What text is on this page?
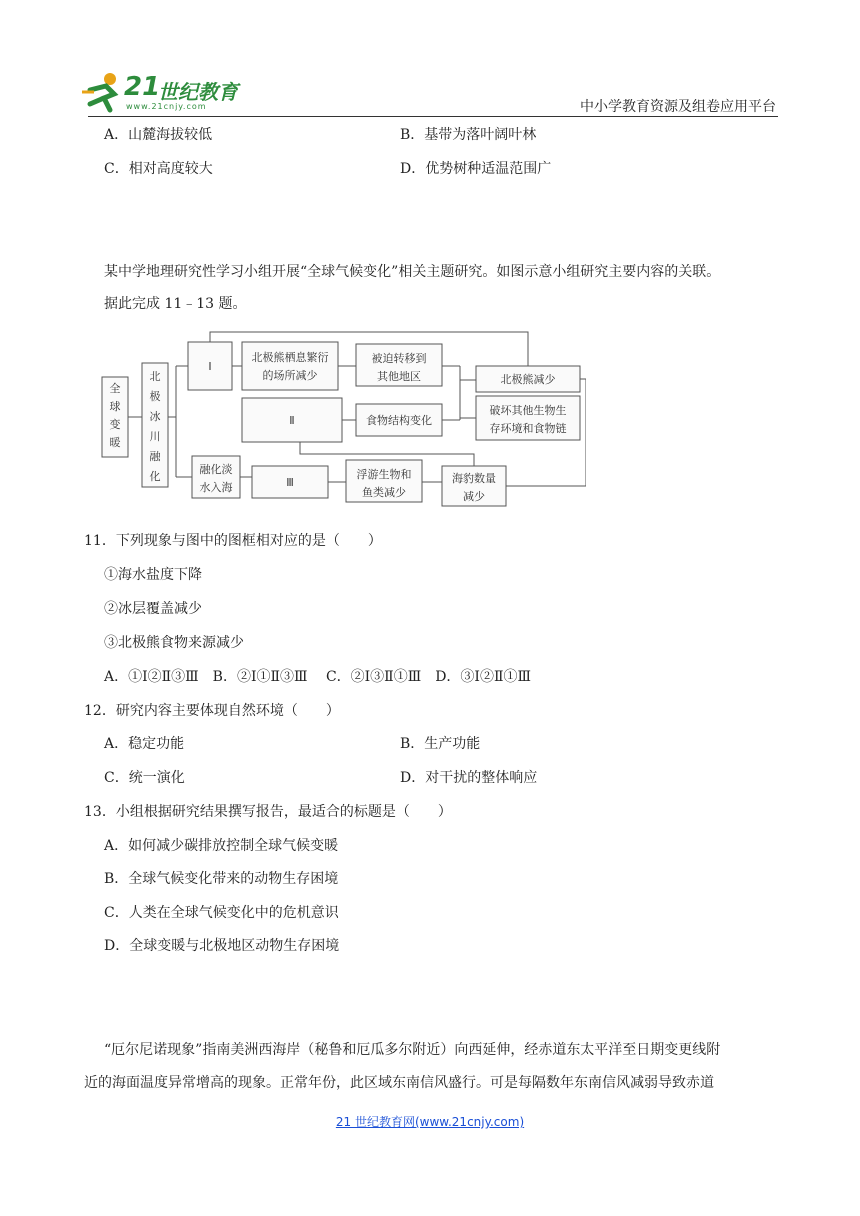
21
世纪教育
www.21cnjy.com	中小学教育资源及组卷应用平台
A．山麓海拔较低	B．基带为落叶阔叶林
C．相对高度较大	D．优势树种适温范围广
某中学地理研究性学习小组开展“全球气候变化”相关主题研究。如图示意小组研究主要内容的关联。
据此完成 11﹣13 题。
全
球
变
暖
北
极
冰
川
融
化
Ⅰ
北极熊栖息繁衍
的场所减少
被迫转移到
其他地区	北极熊减少
Ⅱ	食物结构变化
破坏其他生物生
存环境和食物链
融化淡
水入海	Ⅲ
浮游生物和
鱼类减少
海豹数量
减少
11．下列现象与图中的图框相对应的是（　　）
①海水盐度下降
②冰层覆盖减少
③北极熊食物来源减少
A．①Ⅰ②Ⅱ③Ⅲ　B．②Ⅰ①Ⅱ③Ⅲ　 C．②Ⅰ③Ⅱ①Ⅲ　D．③Ⅰ②Ⅱ①Ⅲ
12．研究内容主要体现自然环境（　　）
A．稳定功能	B．生产功能
C．统一演化	D．对干扰的整体响应
13．小组根据研究结果撰写报告，最适合的标题是（　　）
A．如何减少碳排放控制全球气候变暖
B．全球气候变化带来的动物生存困境
C．人类在全球气候变化中的危机意识
D．全球变暖与北极地区动物生存困境
“厄尔尼诺现象”指南美洲西海岸（秘鲁和厄瓜多尔附近）向西延伸，经赤道东太平洋至日期变更线附
近的海面温度异常增高的现象。正常年份，此区域东南信风盛行。可是每隔数年东南信风减弱导致赤道
21 世纪教育网(www.21cnjy.com)
